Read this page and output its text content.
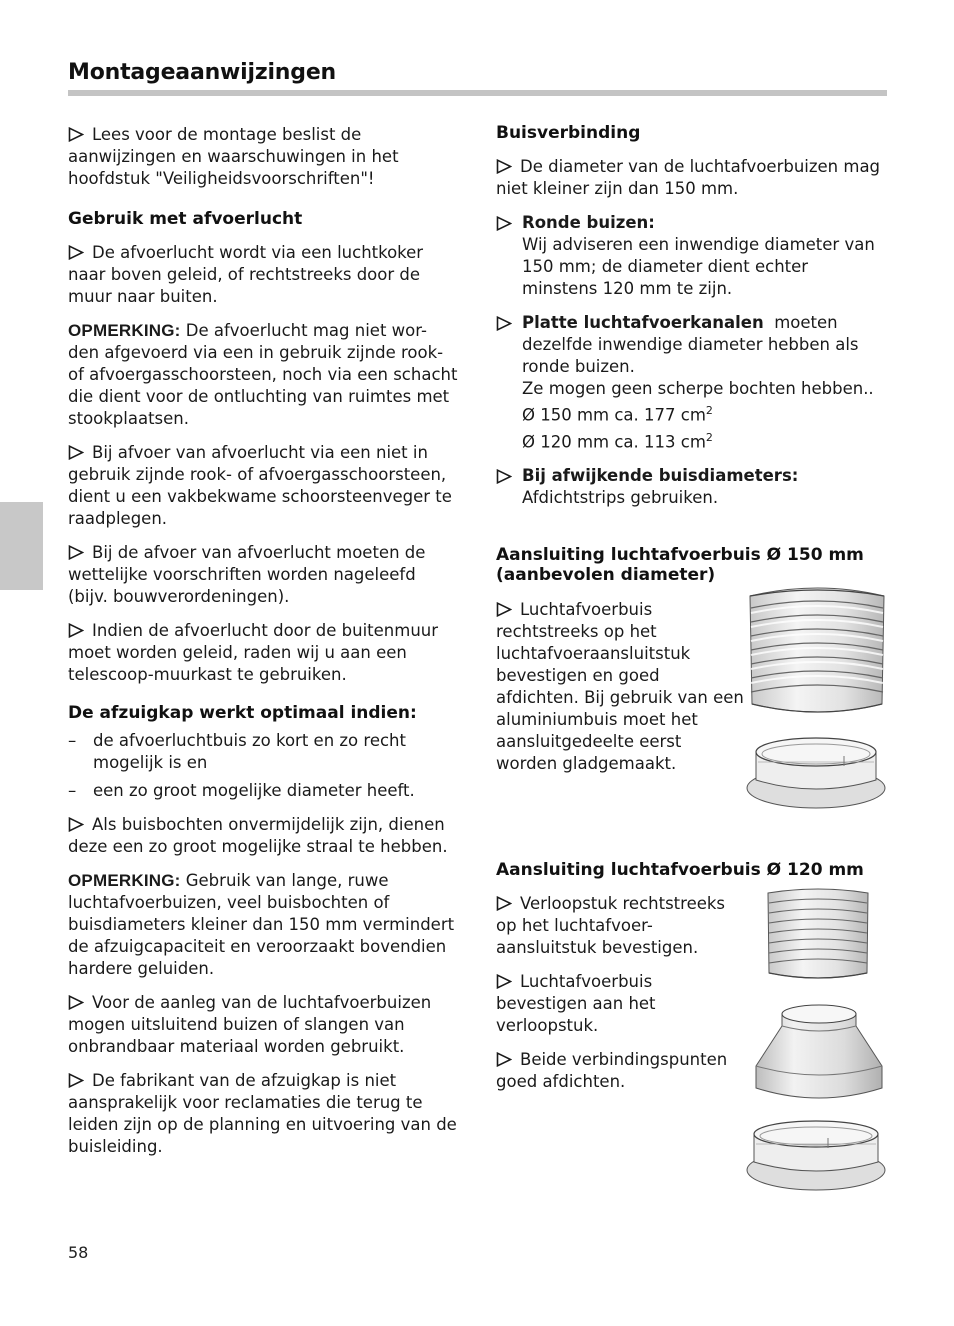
Montageaanwijzingen

Lees voor de montage beslist de aanwijzingen en waarschuwingen in het hoofdstuk "Veiligheidsvoorschriften"!

Gebruik met afvoerlucht

De afvoerlucht wordt via een luchtkoker naar boven geleid, of rechtstreeks door de muur naar buiten.

OPMERKING: De afvoerlucht mag niet wor-den afgevoerd via een in gebruik zijnde rook- of afvoergasschoorsteen, noch via een schacht die dient voor de ontluchting van ruimtes met stookplaatsen.

Bij afvoer van afvoerlucht via een niet in gebruik zijnde rook- of afvoergasschoorsteen, dient u een vakbekwame schoorsteenveger te raadplegen.

Bij de afvoer van afvoerlucht moeten de wettelijke voorschriften worden nageleefd (bijv. bouwverordeningen).

Indien de afvoerlucht door de buitenmuur moet worden geleid, raden wij u aan een telescoop-muurkast te gebruiken.

De afzuigkap werkt optimaal indien:
– de afvoerluchtbuis zo kort en zo recht mogelijk is en
– een zo groot mogelijke diameter heeft.

Als buisbochten onvermijdelijk zijn, dienen deze een zo groot mogelijke straal te hebben.

OPMERKING: Gebruik van lange, ruwe luchtafvoerbuizen, veel buisbochten of buisdiameters kleiner dan 150 mm vermindert de afzuigcapaciteit en veroorzaakt bovendien hardere geluiden.

Voor de aanleg van de luchtafvoerbuizen mogen uitsluitend buizen of slangen van onbrandbaar materiaal worden gebruikt.

De fabrikant van de afzuigkap is niet aansprakelijk voor reclamaties die terug te leiden zijn op de planning en uitvoering van de buisleiding.

Buisverbinding

De diameter van de luchtafvoerbuizen mag niet kleiner zijn dan 150 mm.

Ronde buizen:
Wij adviseren een inwendige diameter van 150 mm; de diameter dient echter minstens 120 mm te zijn.
Platte luchtafvoerkanalen moeten dezelfde inwendige diameter hebben als ronde buizen.
Ze mogen geen scherpe bochten hebben..
Ø 150 mm ca. 177 $cm^2$
Ø 120 mm ca. 113 $cm^2$
Bij afwijkende buisdiameters:
Afdichtstrips gebruiken.
Aansluiting luchtafvoerbuis Ø 150 mm (aanbevolen diameter)
Luchtafvoerbuis rechtstreeks op het luchtafvoeraansluitstuk bevestigen en goed afdichten. Bij gebruik van een aluminiumbuis moet het aansluitgedeelte eerst worden gladgemaakt.
Aansluiting luchtafvoerbuis Ø 120 mm

Verloopstuk rechtstreeks op het luchtafvoer-aansluitstuk bevestigen.

Luchtafvoerbuis bevestigen aan het verloopstuk.

Beide verbindingspunten goed afdichten.

58
